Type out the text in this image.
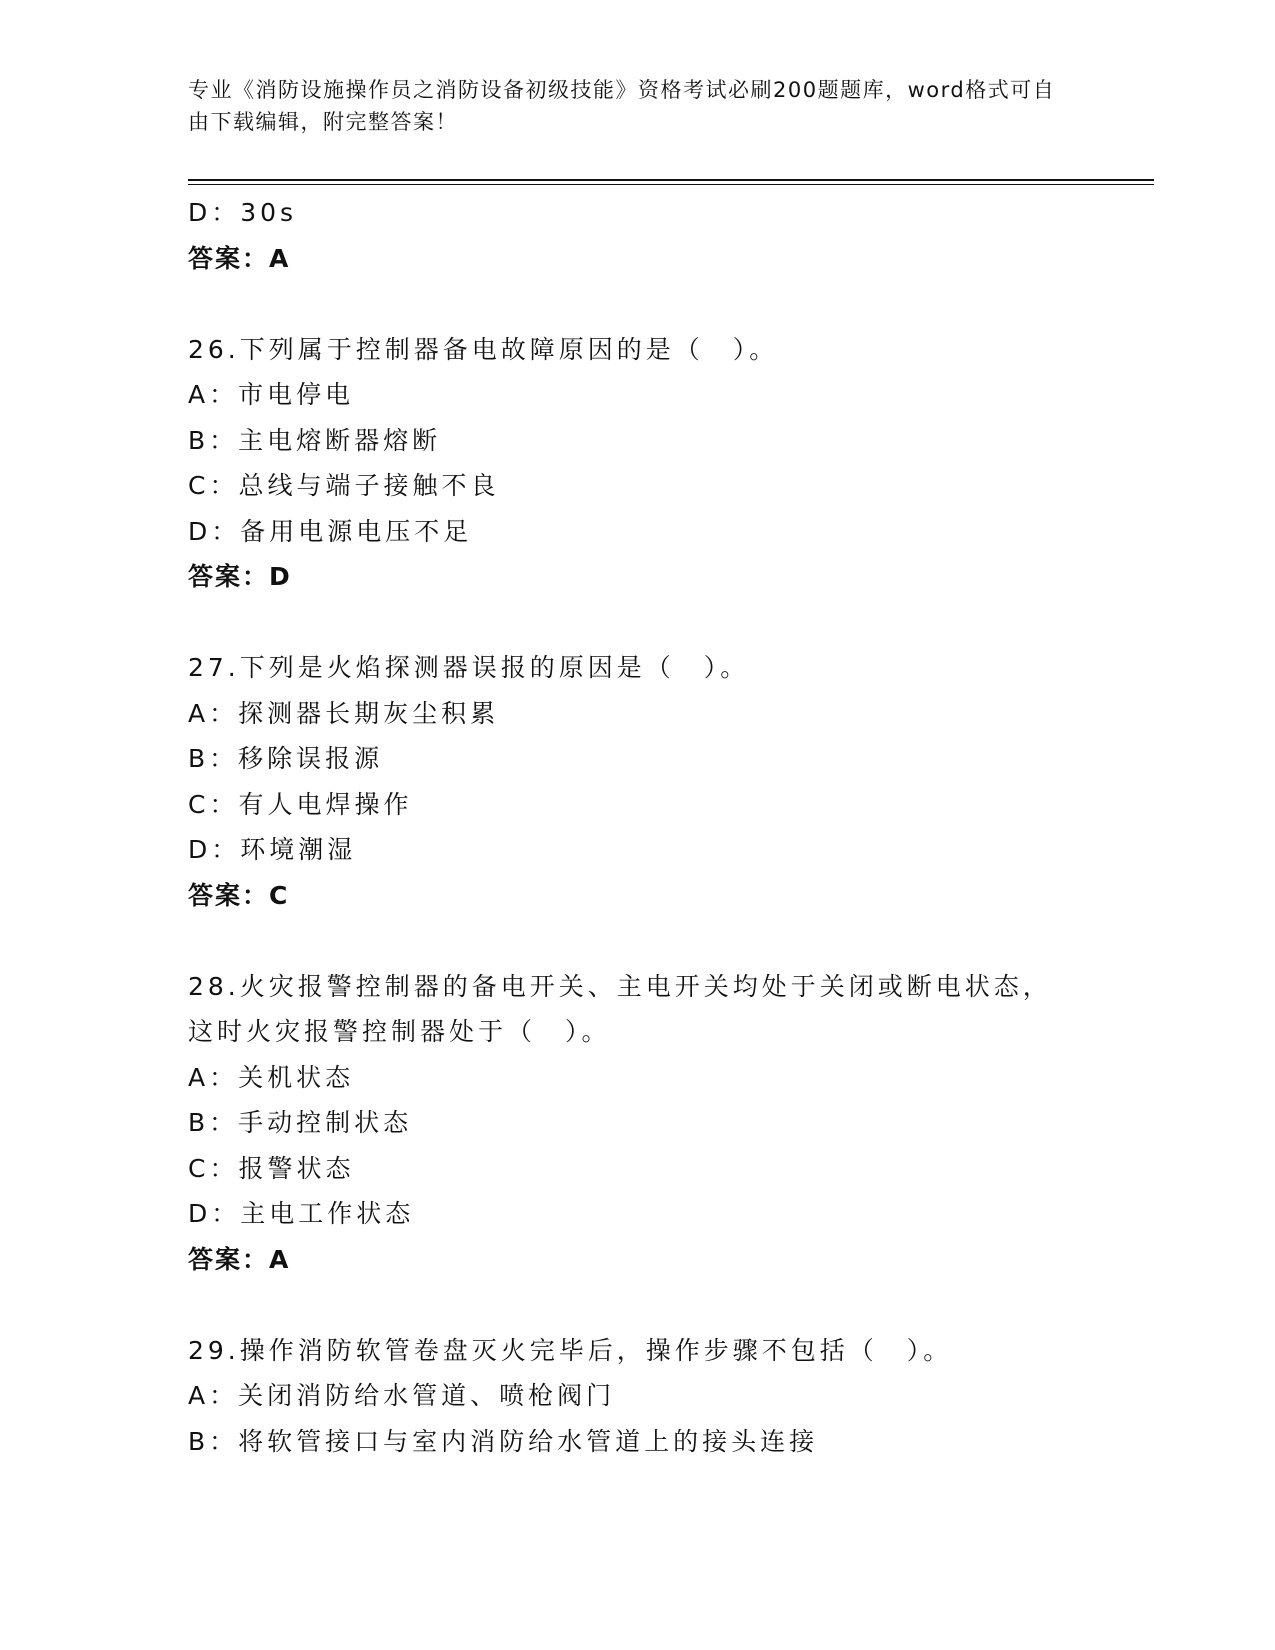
专业《消防设施操作员之消防设备初级技能》资格考试必刷200题题库，word格式可自由下载编辑，附完整答案！
D：30s
答案：A
26.下列属于控制器备电故障原因的是（　）。
A：市电停电
B：主电熔断器熔断
C：总线与端子接触不良
D：备用电源电压不足
答案：D
27.下列是火焰探测器误报的原因是（　）。
A：探测器长期灰尘积累
B：移除误报源
C：有人电焊操作
D：环境潮湿
答案：C
28.火灾报警控制器的备电开关、主电开关均处于关闭或断电状态，这时火灾报警控制器处于（　）。
A：关机状态
B：手动控制状态
C：报警状态
D：主电工作状态
答案：A
29.操作消防软管卷盘灭火完毕后，操作步骤不包括（　）。
A：关闭消防给水管道、喷枪阀门
B：将软管接口与室内消防给水管道上的接头连接
